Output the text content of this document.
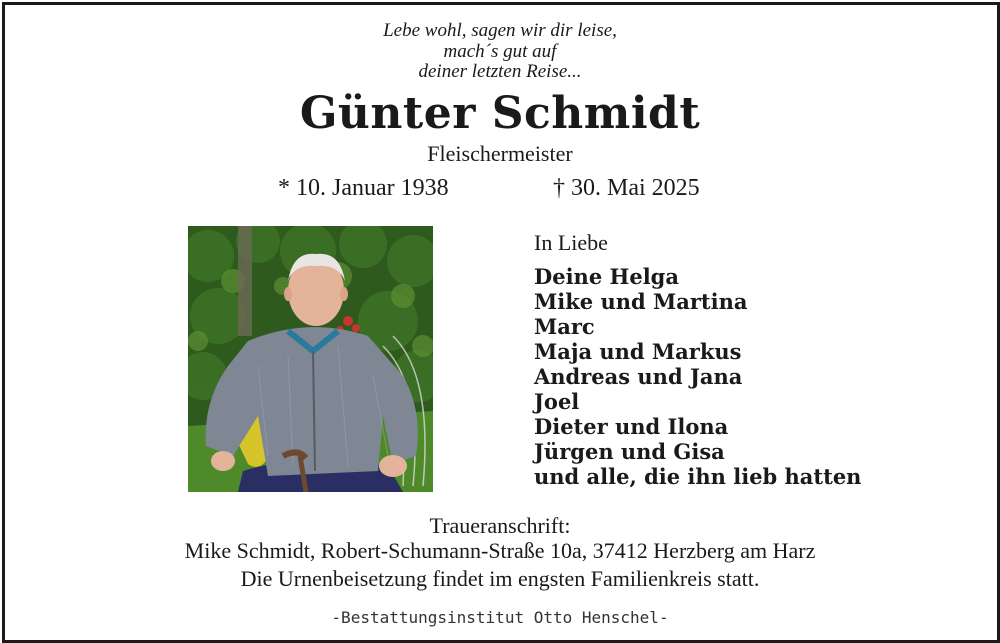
Lebe wohl, sagen wir dir leise,
mach´s gut auf
deiner letzten Reise...
Günter Schmidt
Fleischermeister
* 10. Januar 1938	† 30. Mai 2025
In Liebe
Deine Helga
Mike und Martina
Marc
Maja und Markus
Andreas und Jana
Joel
Dieter und Ilona
Jürgen und Gisa
und alle, die ihn lieb hatten
Traueranschrift:
Mike Schmidt, Robert-Schumann-Straße 10a, 37412 Herzberg am Harz
Die Urnenbeisetzung findet im engsten Familienkreis statt.
-Bestattungsinstitut Otto Henschel-
